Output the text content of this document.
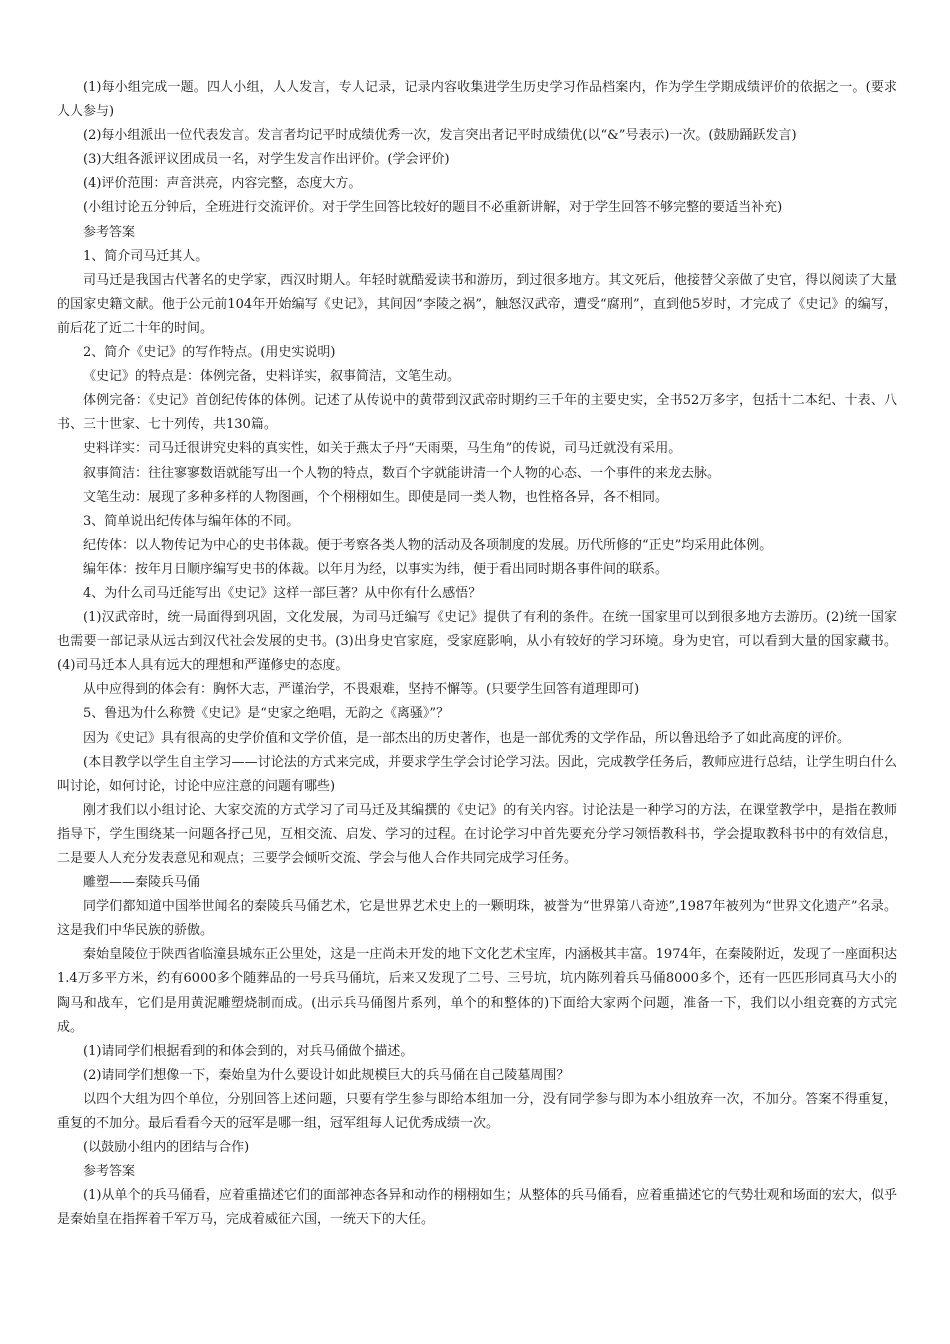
(1)每小组完成一题。四人小组，人人发言，专人记录，记录内容收集进学生历史学习作品档案内，作为学生学期成绩评价的依据之一。(要求人人参与)

(2)每小组派出一位代表发言。发言者均记平时成绩优秀一次，发言突出者记平时成绩优(以“&”号表示)一次。(鼓励踊跃发言)

(3)大组各派评议团成员一名，对学生发言作出评价。(学会评价)

(4)评价范围：声音洪亮，内容完整，态度大方。

(小组讨论五分钟后，全班进行交流评价。对于学生回答比较好的题目不必重新讲解，对于学生回答不够完整的要适当补充)

参考答案

1、简介司马迁其人。

司马迁是我国古代著名的史学家，西汉时期人。年轻时就酷爱读书和游历，到过很多地方。其文死后，他接替父亲做了史官，得以阅读了大量的国家史籍文献。他于公元前104年开始编写《史记》，其间因“李陵之祸”，触怒汉武帝，遭受“腐刑”，直到他5岁时，才完成了《史记》的编写，前后花了近二十年的时间。

2、简介《史记》的写作特点。(用史实说明)

《史记》的特点是：体例完备，史料详实，叙事简洁，文笔生动。

体例完备：《史记》首创纪传体的体例。记述了从传说中的黄带到汉武帝时期约三千年的主要史实，全书52万多字，包括十二本纪、十表、八书、三十世家、七十列传，共130篇。

史料详实：司马迁很讲究史料的真实性，如关于燕太子丹“天雨栗，马生角”的传说，司马迁就没有采用。

叙事简洁：往往寥寥数语就能写出一个人物的特点，数百个字就能讲清一个人物的心态、一个事件的来龙去脉。

文笔生动：展现了多种多样的人物图画，个个栩栩如生。即使是同一类人物，也性格各异，各不相同。

3、简单说出纪传体与编年体的不同。

纪传体：以人物传记为中心的史书体裁。便于考察各类人物的活动及各项制度的发展。历代所修的“正史”均采用此体例。

编年体：按年月日顺序编写史书的体裁。以年月为经，以事实为纬，便于看出同时期各事件间的联系。

4、为什么司马迁能写出《史记》这样一部巨著？从中你有什么感悟？

(1)汉武帝时，统一局面得到巩固，文化发展，为司马迁编写《史记》提供了有利的条件。在统一国家里可以到很多地方去游历。(2)统一国家也需要一部记录从远古到汉代社会发展的史书。(3)出身史官家庭，受家庭影响，从小有较好的学习环境。身为史官，可以看到大量的国家藏书。(4)司马迁本人具有远大的理想和严谨修史的态度。

从中应得到的体会有：胸怀大志，严谨治学，不畏艰难，坚持不懈等。(只要学生回答有道理即可)

5、鲁迅为什么称赞《史记》是“史家之绝唱，无韵之《离骚》”？

因为《史记》具有很高的史学价值和文学价值，是一部杰出的历史著作，也是一部优秀的文学作品，所以鲁迅给予了如此高度的评价。

(本目教学以学生自主学习——讨论法的方式来完成，并要求学生学会讨论学习法。因此，完成教学任务后，教师应进行总结，让学生明白什么叫讨论，如何讨论，讨论中应注意的问题有哪些)

刚才我们以小组讨论、大家交流的方式学习了司马迁及其编撰的《史记》的有关内容。讨论法是一种学习的方法，在课堂教学中，是指在教师指导下，学生围绕某一问题各抒己见，互相交流、启发、学习的过程。在讨论学习中首先要充分学习领悟教科书，学会提取教科书中的有效信息，二是要人人充分发表意见和观点；三要学会倾听交流、学会与他人合作共同完成学习任务。

雕塑——秦陵兵马俑

同学们都知道中国举世闻名的秦陵兵马俑艺术，它是世界艺术史上的一颗明珠，被誉为“世界第八奇迹”,1987年被列为“世界文化遗产”名录。这是我们中华民族的骄傲。

秦始皇陵位于陕西省临潼县城东正公里处，这是一庄尚未开发的地下文化艺术宝库，内涵极其丰富。1974年，在秦陵附近，发现了一座面积达1.4万多平方米，约有6000多个随葬品的一号兵马俑坑，后来又发现了二号、三号坑，坑内陈列着兵马俑8000多个，还有一匹匹形同真马大小的陶马和战车，它们是用黄泥雕塑烧制而成。(出示兵马俑图片系列，单个的和整体的)下面给大家两个问题，准备一下，我们以小组竞赛的方式完成。

(1)请同学们根据看到的和体会到的，对兵马俑做个描述。

(2)请同学们想像一下，秦始皇为什么要设计如此规模巨大的兵马俑在自己陵墓周围？

以四个大组为四个单位，分别回答上述问题，只要有学生参与即给本组加一分，没有同学参与即为本小组放弃一次，不加分。答案不得重复，重复的不加分。最后看看今天的冠军是哪一组，冠军组每人记优秀成绩一次。

(以鼓励小组内的团结与合作)

参考答案

(1)从单个的兵马俑看，应着重描述它们的面部神态各异和动作的栩栩如生；从整体的兵马俑看，应着重描述它的气势壮观和场面的宏大，似乎是秦始皇在指挥着千军万马，完成着威征六国，一统天下的大任。
